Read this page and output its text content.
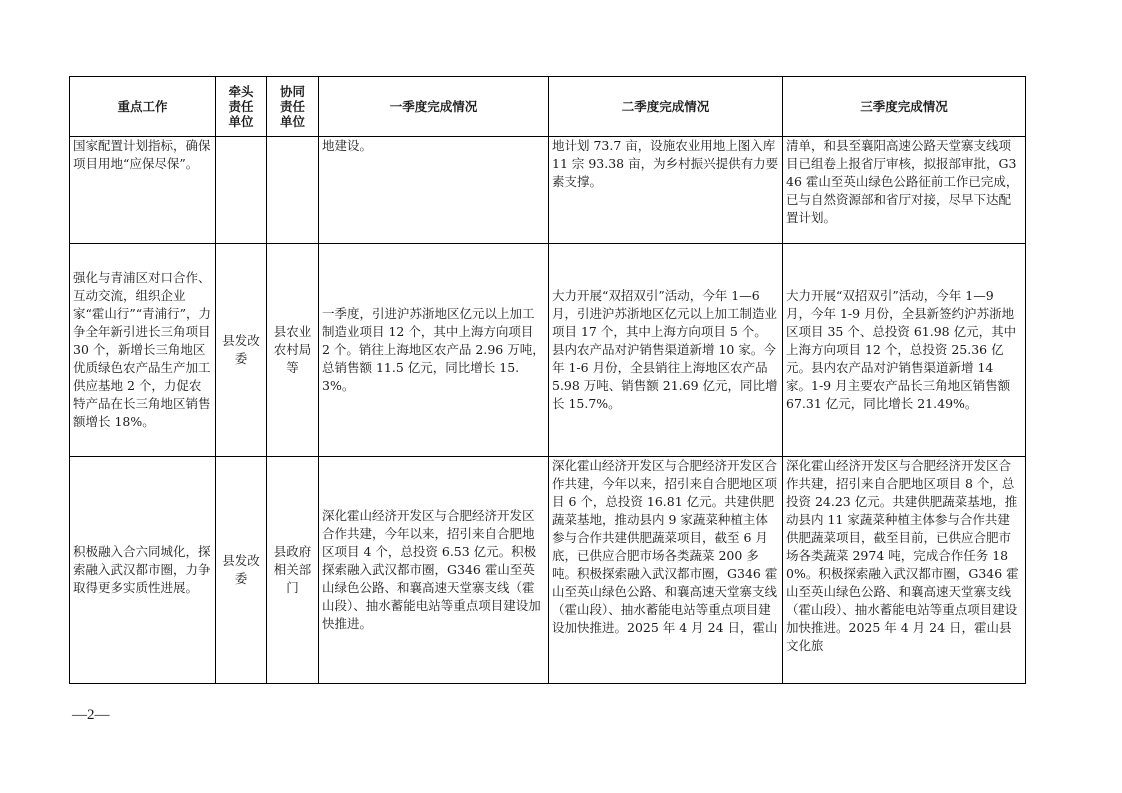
重点工作	牵头
责任
单位	协同
责任
单位	一季度完成情况	二季度完成情况	三季度完成情况
国家配置计划指标，确保项目用地“应保尽保”。			地建设。	地计划 73.7 亩，设施农业用地上图入库 11 宗 93.38 亩，为乡村振兴提供有力要素支撑。	清单，和县至襄阳高速公路天堂寨支线项目已组卷上报省厅审核，拟报部审批，G346 霍山至英山绿色公路征前工作已完成，已与自然资源部和省厅对接，尽早下达配置计划。
强化与青浦区对口合作、互动交流，组织企业家“霍山行”“青浦行”，力争全年新引进长三角项目 30 个，新增长三角地区优质绿色农产品生产加工供应基地 2 个，力促农特产品在长三角地区销售额增长 18%。	县发改委	县农业农村局等	一季度，引进沪苏浙地区亿元以上加工制造业项目 12 个，其中上海方向项目 2 个。销往上海地区农产品 2.96 万吨，总销售额 11.5 亿元，同比增长 15.3%。	大力开展“双招双引”活动，今年 1—6 月，引进沪苏浙地区亿元以上加工制造业项目 17 个，其中上海方向项目 5 个。县内农产品对沪销售渠道新增 10 家。今年 1-6 月份，全县销往上海地区农产品 5.98 万吨、销售额 21.69 亿元，同比增长 15.7%。	大力开展“双招双引”活动，今年 1—9 月，今年 1-9 月份，全县新签约沪苏浙地区项目 35 个、总投资 61.98 亿元，其中上海方向项目 12 个，总投资 25.36 亿元。县内农产品对沪销售渠道新增 14 家。1-9 月主要农产品长三角地区销售额 67.31 亿元，同比增长 21.49%。
积极融入合六同城化，探索融入武汉都市圈，力争取得更多实质性进展。	县发改委	县政府相关部门	深化霍山经济开发区与合肥经济开发区合作共建，今年以来，招引来自合肥地区项目 4 个，总投资 6.53 亿元。积极探索融入武汉都市圈，G346 霍山至英山绿色公路、和襄高速天堂寨支线（霍山段）、抽水蓄能电站等重点项目建设加快推进。	深化霍山经济开发区与合肥经济开发区合作共建，今年以来，招引来自合肥地区项目 6 个，总投资 16.81 亿元。共建供肥蔬菜基地，推动县内 9 家蔬菜种植主体参与合作共建供肥蔬菜项目，截至 6 月底，已供应合肥市场各类蔬菜 200 多吨。积极探索融入武汉都市圈，G346 霍山至英山绿色公路、和襄高速天堂寨支线（霍山段）、抽水蓄能电站等重点项目建设加快推进。2025 年 4 月 24 日，霍山	深化霍山经济开发区与合肥经济开发区合作共建，招引来自合肥地区项目 8 个，总投资 24.23 亿元。共建供肥蔬菜基地，推动县内 11 家蔬菜种植主体参与合作共建供肥蔬菜项目，截至目前，已供应合肥市场各类蔬菜 2974 吨，完成合作任务 180%。积极探索融入武汉都市圈，G346 霍山至英山绿色公路、和襄高速天堂寨支线（霍山段）、抽水蓄能电站等重点项目建设加快推进。2025 年 4 月 24 日，霍山县文化旅
—2—
